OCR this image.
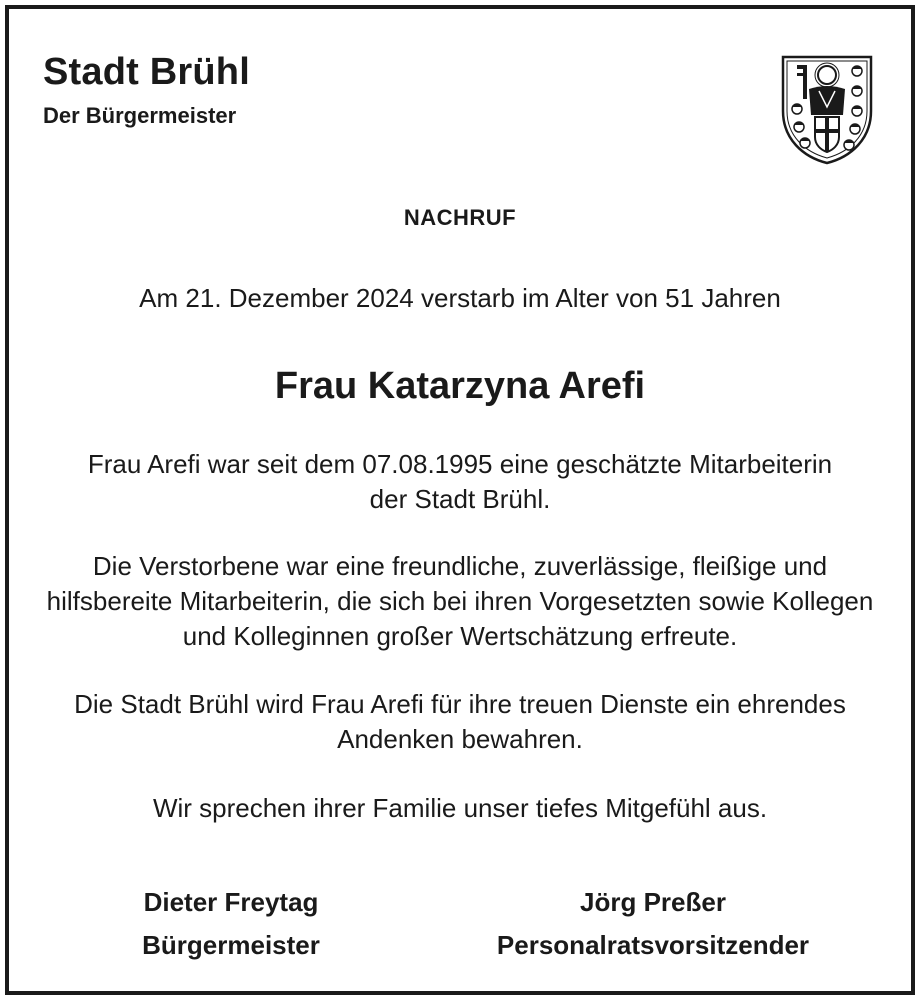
Stadt Brühl
Der Bürgermeister
NACHRUF
Am 21. Dezember 2024 verstarb im Alter von 51 Jahren
Frau Katarzyna Arefi
Frau Arefi war seit dem 07.08.1995 eine geschätzte Mitarbeiterin der Stadt Brühl.
Die Verstorbene war eine freundliche, zuverlässige, fleißige und hilfsbereite Mitarbeiterin, die sich bei ihren Vorgesetzten sowie Kollegen und Kolleginnen großer Wertschätzung erfreute.
Die Stadt Brühl wird Frau Arefi für ihre treuen Dienste ein ehrendes Andenken bewahren.
Wir sprechen ihrer Familie unser tiefes Mitgefühl aus.
Dieter Freytag
Bürgermeister
Jörg Preßer
Personalratsvorsitzender
